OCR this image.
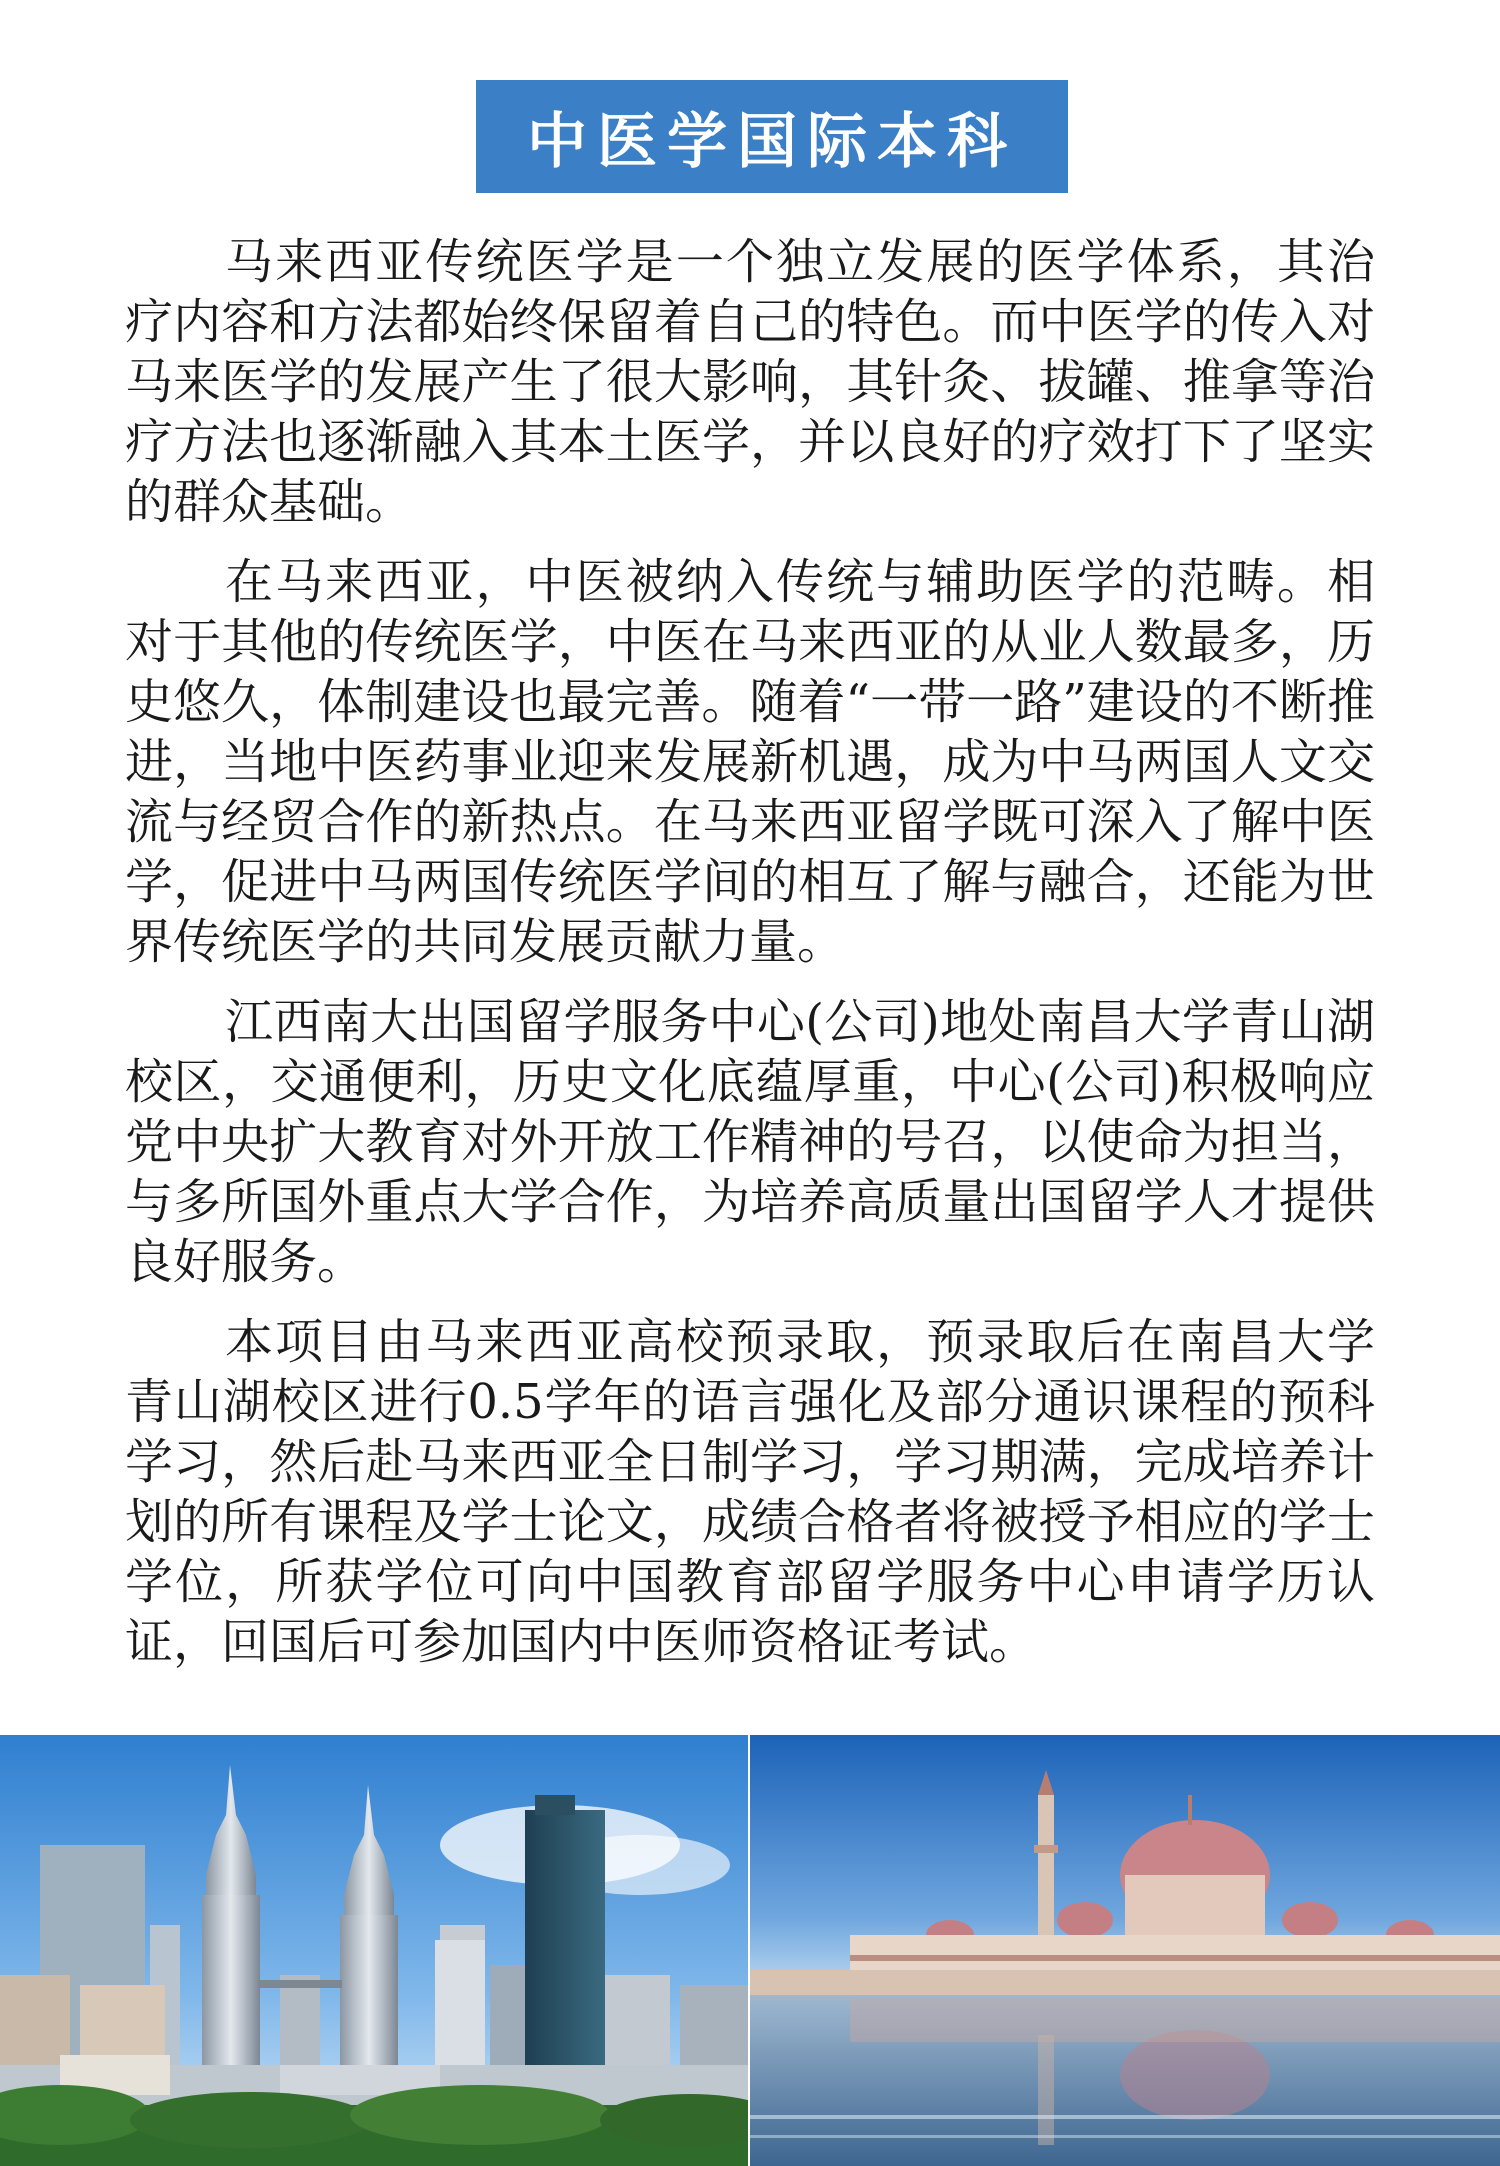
中医学国际本科

马来西亚传统医学是一个独立发展的医学体系，其治疗内容和方法都始终保留着自己的特色。而中医学的传入对马来医学的发展产生了很大影响，其针灸、拔罐、推拿等治疗方法也逐渐融入其本土医学，并以良好的疗效打下了坚实的群众基础。

在马来西亚，中医被纳入传统与辅助医学的范畴。相对于其他的传统医学，中医在马来西亚的从业人数最多，历史悠久，体制建设也最完善。随着“一带一路”建设的不断推进，当地中医药事业迎来发展新机遇，成为中马两国人文交流与经贸合作的新热点。在马来西亚留学既可深入了解中医学，促进中马两国传统医学间的相互了解与融合，还能为世界传统医学的共同发展贡献力量。

江西南大出国留学服务中心(公司)地处南昌大学青山湖校区，交通便利，历史文化底蕴厚重，中心(公司)积极响应党中央扩大教育对外开放工作精神的号召，以使命为担当，与多所国外重点大学合作，为培养高质量出国留学人才提供良好服务。

本项目由马来西亚高校预录取，预录取后在南昌大学青山湖校区进行0.5学年的语言强化及部分通识课程的预科学习，然后赴马来西亚全日制学习，学习期满，完成培养计划的所有课程及学士论文，成绩合格者将被授予相应的学士学位，所获学位可向中国教育部留学服务中心申请学历认证，回国后可参加国内中医师资格证考试。
